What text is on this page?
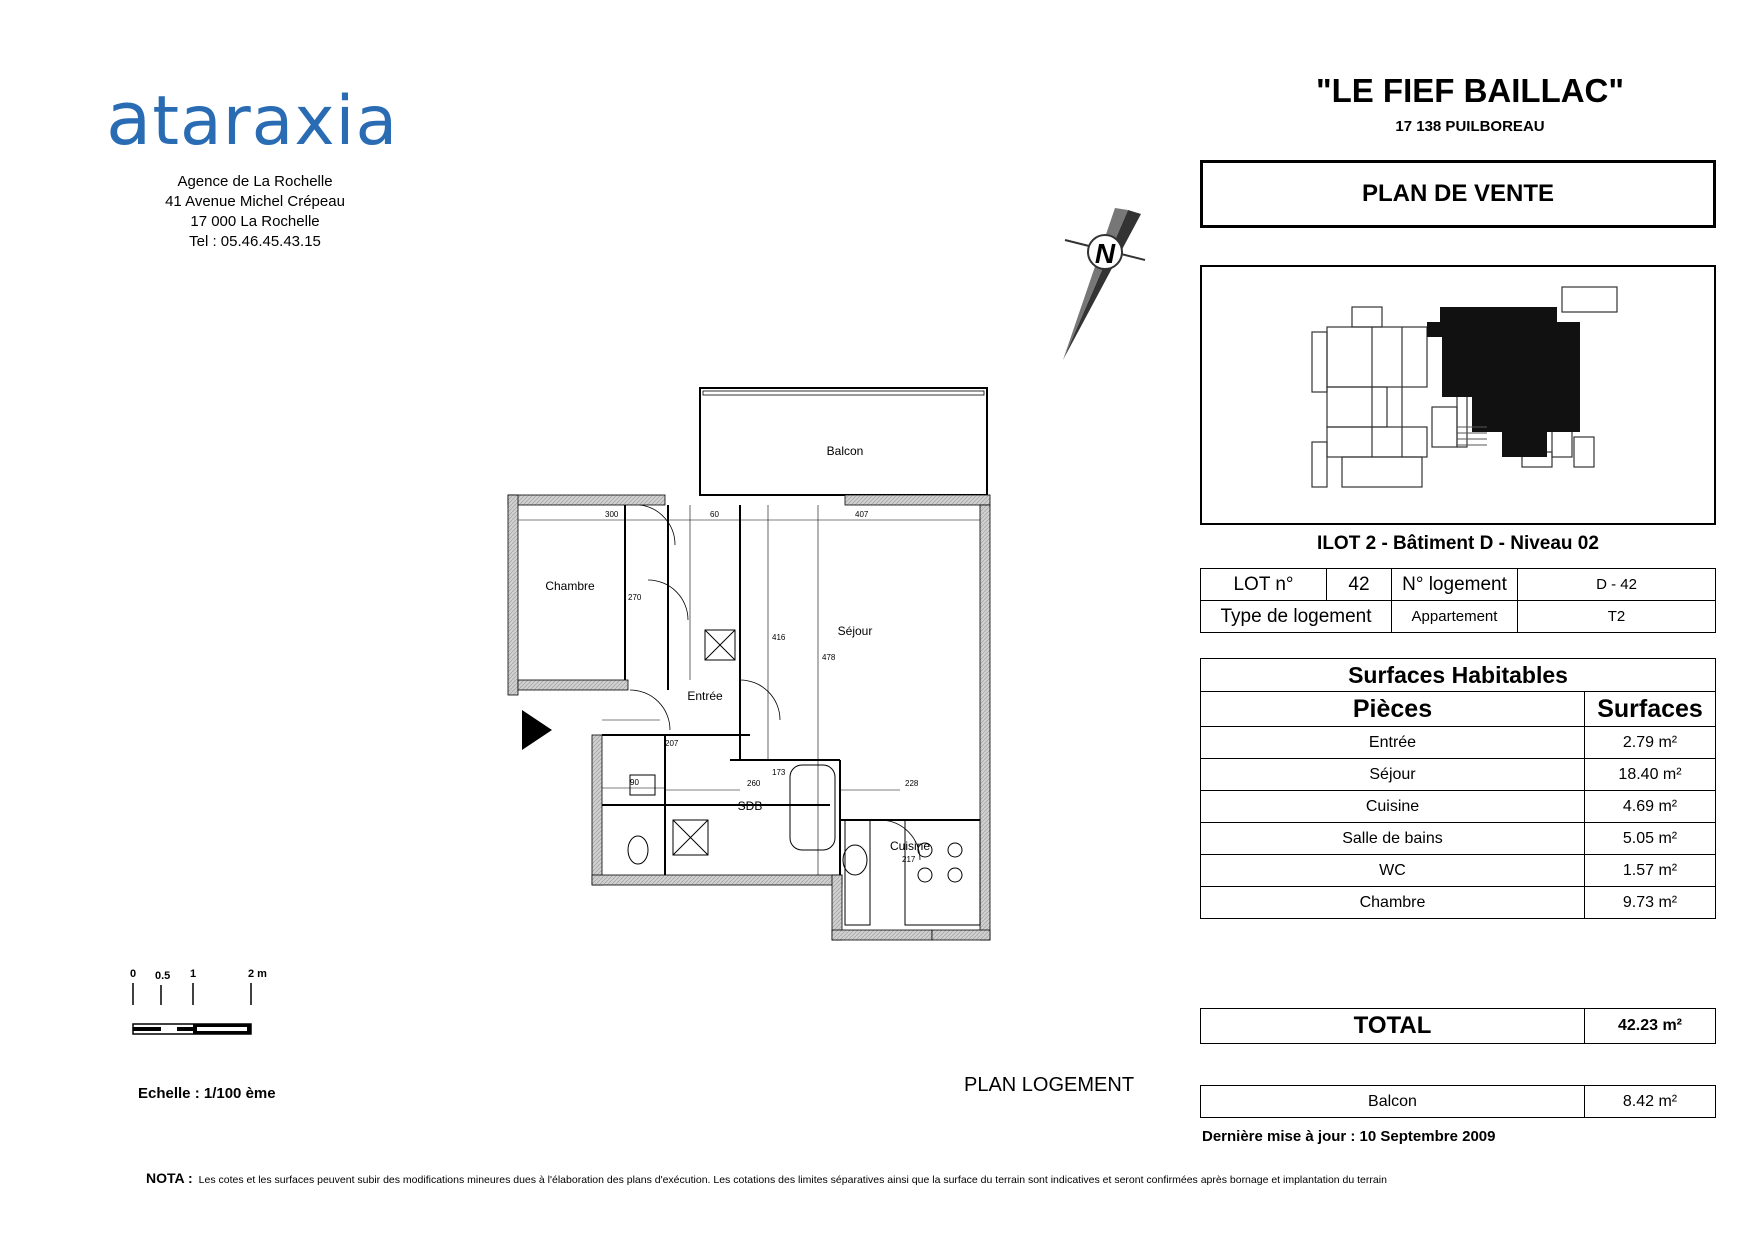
ataraxia
Agence de La Rochelle
41 Avenue Michel Crépeau
17 000 La Rochelle
Tel : 05.46.45.43.15
"LE FIEF BAILLAC"
17 138 PUILBOREAU
PLAN DE VENTE
ILOT 2 - Bâtiment D - Niveau 02
LOT n°	42	N° logement	D - 42
Type de logement		Appartement	T2
Surfaces Habitables	
Pièces	Surfaces
Entrée	2.79 m²
Séjour	18.40 m²
Cuisine	4.69 m²
Salle de bains	5.05 m²
WC	1.57 m²
Chambre	9.73 m²
TOTAL	42.23 m²
Balcon	8.42 m²
Dernière mise à jour : 10 Septembre 2009
PLAN LOGEMENT
0 0.5 1	2 m
Echelle : 1/100 ème
N
Balcon
Chambre
Séjour
Entrée
SDB
Cuisine
300
270
60	407
416
478
207
90	260
173
228
217
NOTA : Les cotes et les surfaces peuvent subir des modifications mineures dues à l'élaboration des plans d'exécution. Les cotations des limites séparatives ainsi que la surface du terrain sont indicatives et seront confirmées après bornage et implantation du terrain
